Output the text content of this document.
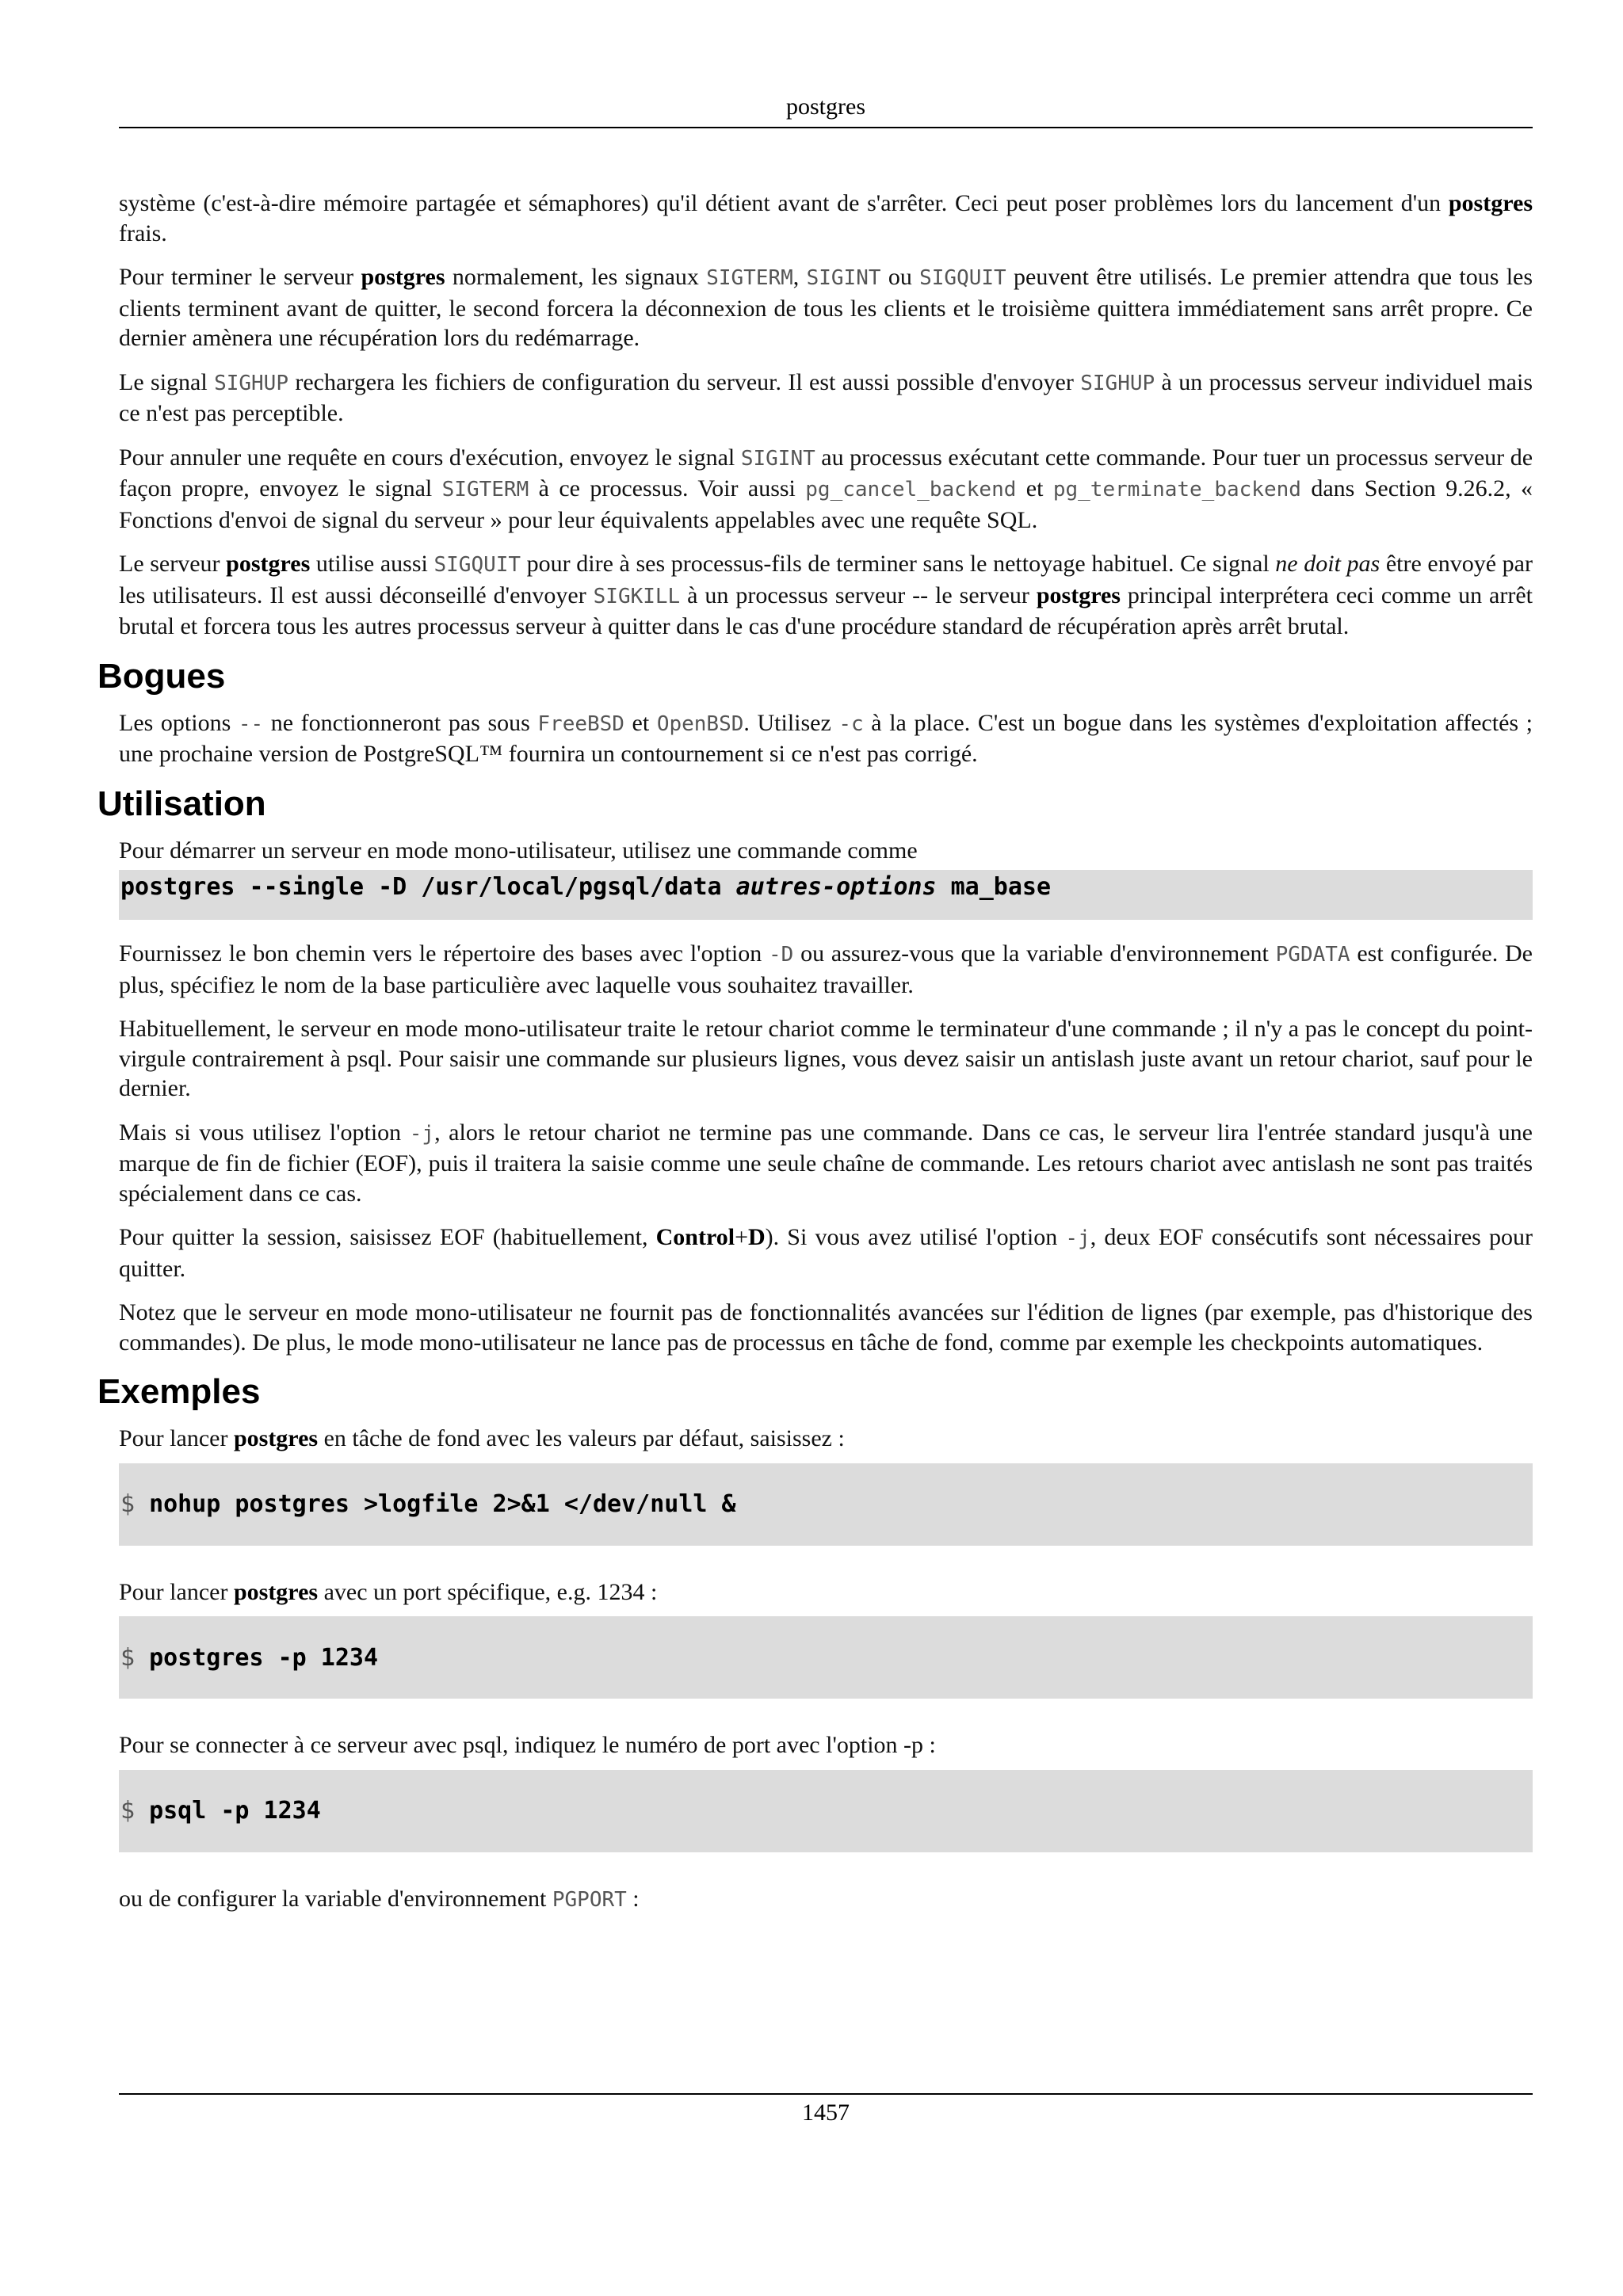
postgres

système (c'est-à-dire mémoire partagée et sémaphores) qu'il détient avant de s'arrêter. Ceci peut poser problèmes lors du lancement d'un postgres frais.

Pour terminer le serveur postgres normalement, les signaux SIGTERM, SIGINT ou SIGQUIT peuvent être utilisés. Le premier attendra que tous les clients terminent avant de quitter, le second forcera la déconnexion de tous les clients et le troisième quittera immédiatement sans arrêt propre. Ce dernier amènera une récupération lors du redémarrage.

Le signal SIGHUP rechargera les fichiers de configuration du serveur. Il est aussi possible d'envoyer SIGHUP à un processus serveur individuel mais ce n'est pas perceptible.

Pour annuler une requête en cours d'exécution, envoyez le signal SIGINT au processus exécutant cette commande. Pour tuer un processus serveur de façon propre, envoyez le signal SIGTERM à ce processus. Voir aussi pg_cancel_backend et pg_terminate_backend dans Section 9.26.2, « Fonctions d'envoi de signal du serveur » pour leur équivalents appelables avec une requête SQL.

Le serveur postgres utilise aussi SIGQUIT pour dire à ses processus-fils de terminer sans le nettoyage habituel. Ce signal ne doit pas être envoyé par les utilisateurs. Il est aussi déconseillé d'envoyer SIGKILL à un processus serveur -- le serveur postgres principal interprétera ceci comme un arrêt brutal et forcera tous les autres processus serveur à quitter dans le cas d'une procédure standard de récupération après arrêt brutal.

Bogues

Les options -- ne fonctionneront pas sous FreeBSD et OpenBSD. Utilisez -c à la place. C'est un bogue dans les systèmes d'exploitation affectés ; une prochaine version de PostgreSQL™ fournira un contournement si ce n'est pas corrigé.

Utilisation

Pour démarrer un serveur en mode mono-utilisateur, utilisez une commande comme

postgres --single -D /usr/local/pgsql/data autres-options ma_base

Fournissez le bon chemin vers le répertoire des bases avec l'option -D ou assurez-vous que la variable d'environnement PGDATA est configurée. De plus, spécifiez le nom de la base particulière avec laquelle vous souhaitez travailler.

Habituellement, le serveur en mode mono-utilisateur traite le retour chariot comme le terminateur d'une commande ; il n'y a pas le concept du point-virgule contrairement à psql. Pour saisir une commande sur plusieurs lignes, vous devez saisir un antislash juste avant un retour chariot, sauf pour le dernier.

Mais si vous utilisez l'option -j, alors le retour chariot ne termine pas une commande. Dans ce cas, le serveur lira l'entrée standard jusqu'à une marque de fin de fichier (EOF), puis il traitera la saisie comme une seule chaîne de commande. Les retours chariot avec antislash ne sont pas traités spécialement dans ce cas.

Pour quitter la session, saisissez EOF (habituellement, Control+D). Si vous avez utilisé l'option -j, deux EOF consécutifs sont nécessaires pour quitter.

Notez que le serveur en mode mono-utilisateur ne fournit pas de fonctionnalités avancées sur l'édition de lignes (par exemple, pas d'historique des commandes). De plus, le mode mono-utilisateur ne lance pas de processus en tâche de fond, comme par exemple les checkpoints automatiques.

Exemples

Pour lancer postgres en tâche de fond avec les valeurs par défaut, saisissez :

$ nohup postgres >logfile 2>&1 </dev/null &

Pour lancer postgres avec un port spécifique, e.g. 1234 :

$ postgres -p 1234

Pour se connecter à ce serveur avec psql, indiquez le numéro de port avec l'option -p :

$ psql -p 1234

ou de configurer la variable d'environnement PGPORT :

1457
